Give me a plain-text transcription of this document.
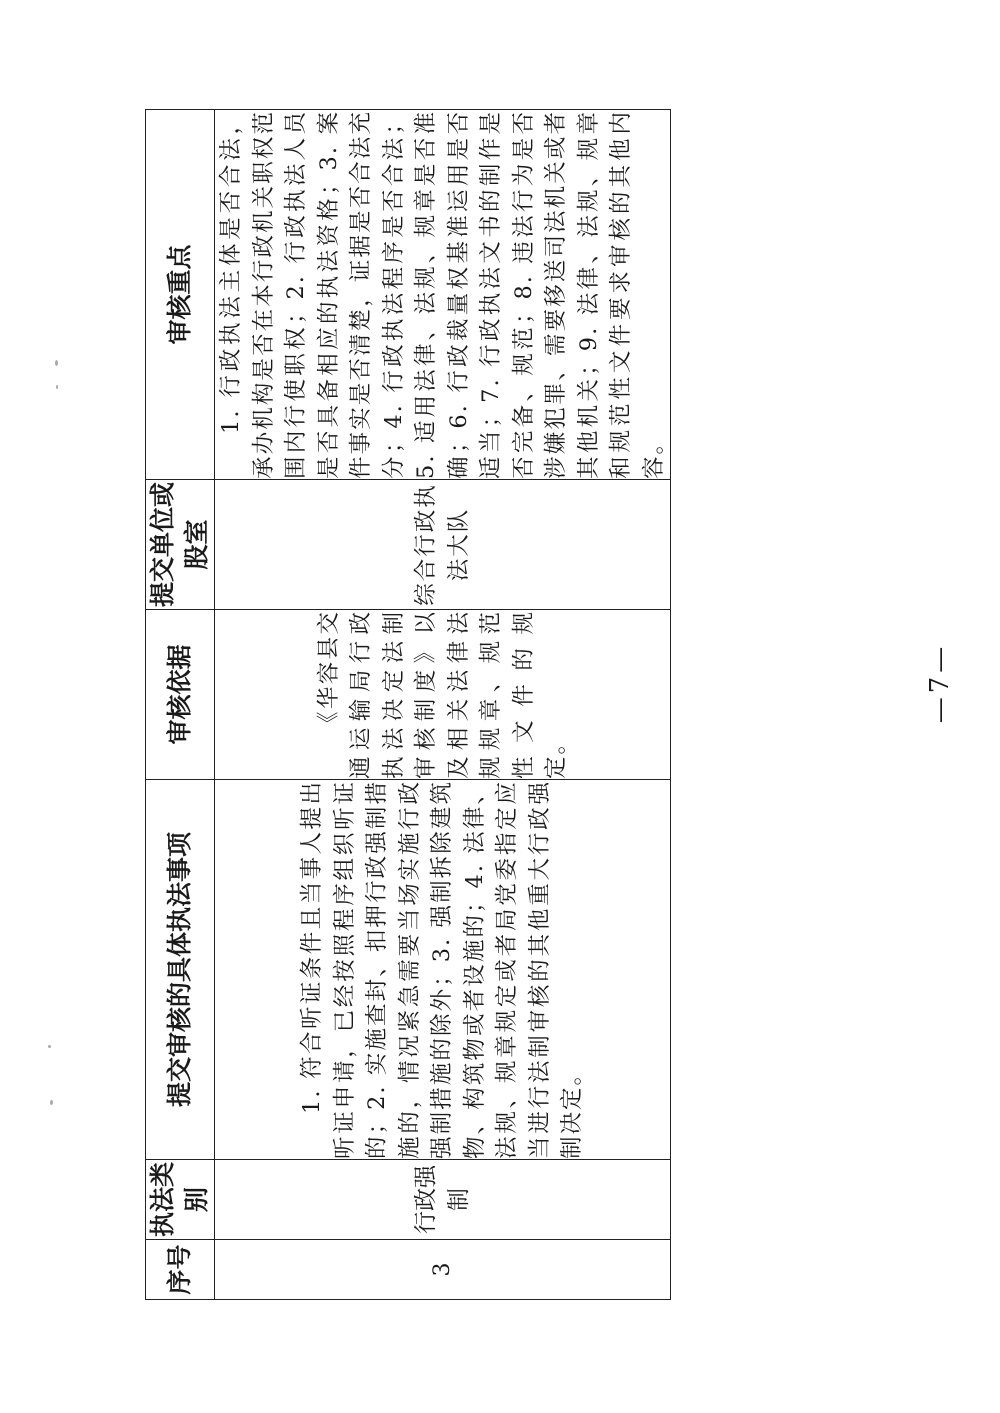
序号	执法类别	提交审核的具体执法事项	审核依据	提交单位或股室	审核重点
3	行政强制	1. 符合听证条件且当事人提出听证申请，已经按照程序组织听证的；2. 实施查封、扣押行政强制措施的，情况紧急需要当场实施行政强制措施的除外；3. 强制拆除建筑物、构筑物或者设施的；4. 法律、法规、规章规定或者局党委指定应当进行法制审核的其他重大行政强制决定。	《华容县交通运输局行政执法决定法制审核制度》以及相关法律法规规章、规范性文件的规定。	综合行政执法大队	1. 行政执法主体是否合法，承办机构是否在本行政机关职权范围内行使职权；2. 行政执法人员是否具备相应的执法资格；3. 案件事实是否清楚，证据是否合法充分；4. 行政执法程序是否合法；5. 适用法律、法规、规章是否准确；6. 行政裁量权基准运用是否适当；7. 行政执法文书的制作是否完备、规范；8. 违法行为是否涉嫌犯罪、需要移送司法机关或者其他机关；9. 法律、法规、规章和规范性文件要求审核的其他内容。
—7—
